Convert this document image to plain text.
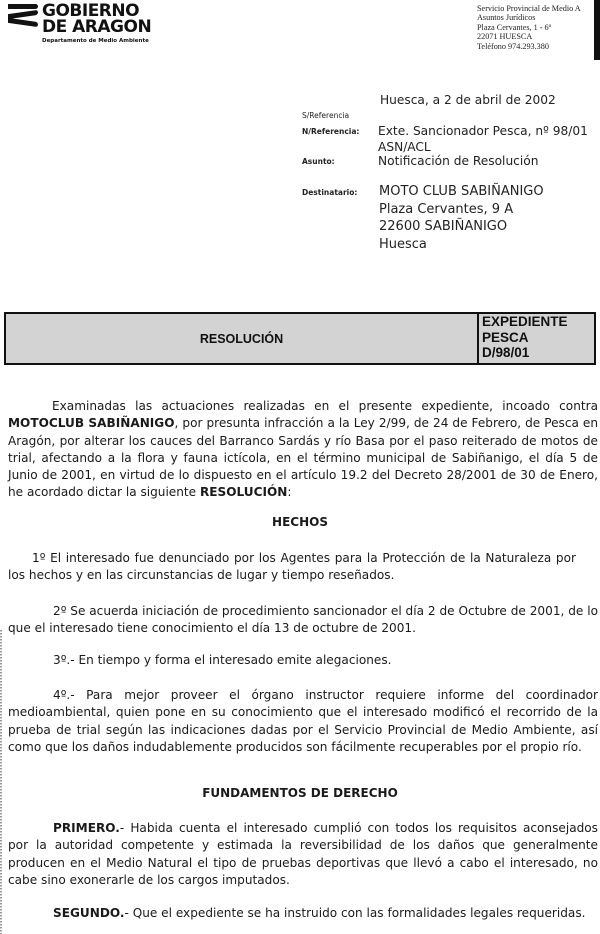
GOBIERNO
DE ARAGON
Departamento de Medio Ambiente
Servicio Provincial de Medio A
Asuntos Jurídicos
Plaza Cervantes, 1 - 6º
22071 HUESCA
Teléfono 974.293.380
Huesca, a 2 de abril de 2002
S/Referencia
N/Referencia: Exte. Sancionador Pesca, nº 98/01
ASN/ACL
Asunto:	Notificación de Resolución
Destinatario: MOTO CLUB SABIÑANIGO
Plaza Cervantes, 9 A
22600 SABIÑANIGO
Huesca
RESOLUCIÓN
EXPEDIENTE
PESCA
D/98/01
Examinadas las actuaciones realizadas en el presente expediente, incoado contra MOTOCLUB SABIÑANIGO, por presunta infracción a la Ley 2/99, de 24 de Febrero, de Pesca en Aragón, por alterar los cauces del Barranco Sardás y río Basa por el paso reiterado de motos de trial, afectando a la flora y fauna ictícola, en el término municipal de Sabiñanigo, el día 5 de Junio de 2001, en virtud de lo dispuesto en el artículo 19.2 del Decreto 28/2001 de 30 de Enero, he acordado dictar la siguiente RESOLUCIÓN:
HECHOS
1º El interesado fue denunciado por los Agentes para la Protección de la Naturaleza por los hechos y en las circunstancias de lugar y tiempo reseñados.
2º Se acuerda iniciación de procedimiento sancionador el día 2 de Octubre de 2001, de lo que el interesado tiene conocimiento el día 13 de octubre de 2001.
3º.- En tiempo y forma el interesado emite alegaciones.
4º.- Para mejor proveer el órgano instructor requiere informe del coordinador medioambiental, quien pone en su conocimiento que el interesado modificó el recorrido de la prueba de trial según las indicaciones dadas por el Servicio Provincial de Medio Ambiente, así como que los daños indudablemente producidos son fácilmente recuperables por el propio río.
FUNDAMENTOS DE DERECHO
PRIMERO.- Habida cuenta el interesado cumplió con todos los requisitos aconsejados por la autoridad competente y estimada la reversibilidad de los daños que generalmente producen en el Medio Natural el tipo de pruebas deportivas que llevó a cabo el interesado, no cabe sino exonerarle de los cargos imputados.
SEGUNDO.- Que el expediente se ha instruido con las formalidades legales requeridas.
